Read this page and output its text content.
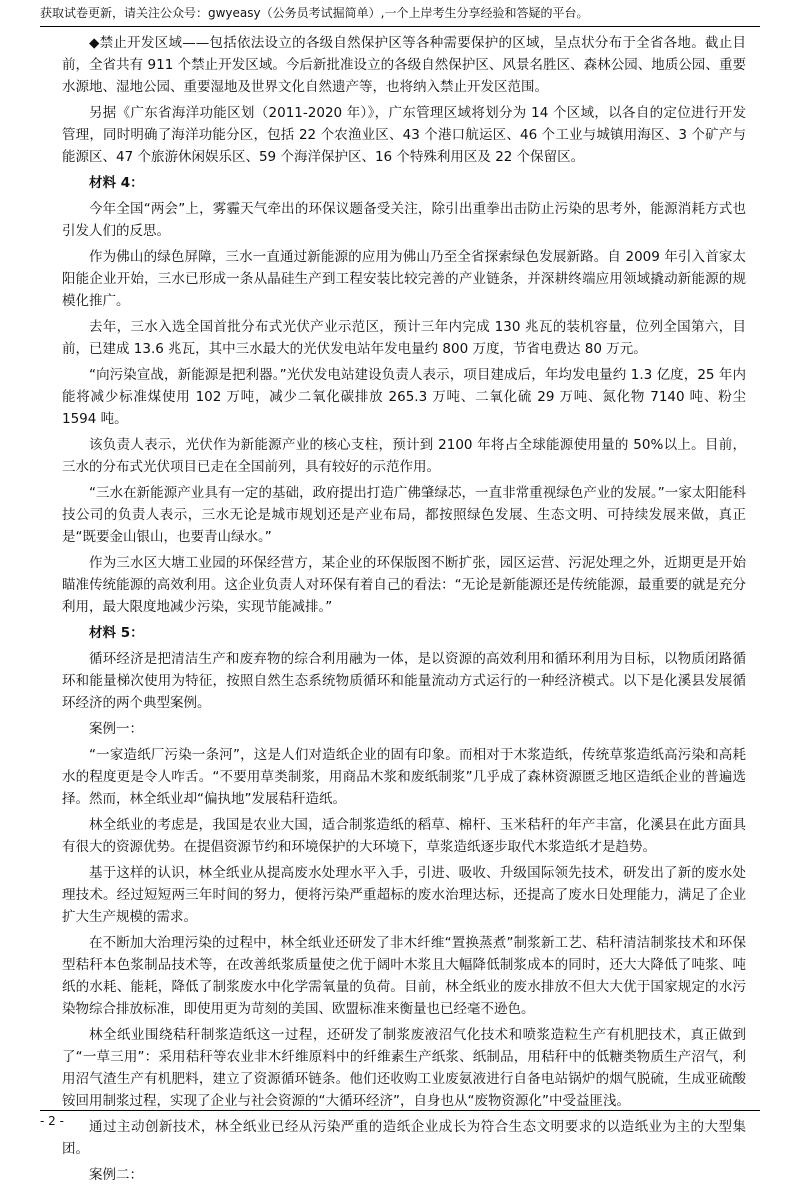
获取试卷更新，请关注公众号：gwyeasy（公务员考试掘简单）,一个上岸考生分享经验和答疑的平台。

◆禁止开发区域——包括依法设立的各级自然保护区等各种需要保护的区域，呈点状分布于全省各地。截止目前，全省共有 911 个禁止开发区域。今后新批准设立的各级自然保护区、风景名胜区、森林公园、地质公园、重要水源地、湿地公园、重要湿地及世界文化自然遗产等，也将纳入禁止开发区范围。

另据《广东省海洋功能区划（2011-2020 年）》，广东管理区域将划分为 14 个区域，以各自的定位进行开发管理，同时明确了海洋功能分区，包括 22 个农渔业区、43 个港口航运区、46 个工业与城镇用海区、3 个矿产与能源区、47 个旅游休闲娱乐区、59 个海洋保护区、16 个特殊利用区及 22 个保留区。

材料 4：

今年全国“两会”上，雾霾天气牵出的环保议题备受关注，除引出重拳出击防止污染的思考外，能源消耗方式也引发人们的反思。

作为佛山的绿色屏障，三水一直通过新能源的应用为佛山乃至全省探索绿色发展新路。自 2009 年引入首家太阳能企业开始，三水已形成一条从晶硅生产到工程安装比较完善的产业链条，并深耕终端应用领域撬动新能源的规模化推广。

去年，三水入选全国首批分布式光伏产业示范区，预计三年内完成 130 兆瓦的装机容量，位列全国第六，目前，已建成 13.6 兆瓦，其中三水最大的光伏发电站年发电量约 800 万度，节省电费达 80 万元。

“向污染宣战，新能源是把利器。”光伏发电站建设负责人表示，项目建成后，年均发电量约 1.3 亿度，25 年内能将减少标准煤使用 102 万吨，减少二氧化碳排放 265.3 万吨、二氧化硫 29 万吨、氮化物 7140 吨、粉尘 1594 吨。

该负责人表示，光伏作为新能源产业的核心支柱，预计到 2100 年将占全球能源使用量的 50%以上。目前，三水的分布式光伏项目已走在全国前列，具有较好的示范作用。

“三水在新能源产业具有一定的基础，政府提出打造广佛肇绿芯，一直非常重视绿色产业的发展。”一家太阳能科技公司的负责人表示，三水无论是城市规划还是产业布局，都按照绿色发展、生态文明、可持续发展来做，真正是“既要金山银山，也要青山绿水。”

作为三水区大塘工业园的环保经营方，某企业的环保版图不断扩张，园区运营、污泥处理之外，近期更是开始瞄准传统能源的高效利用。这企业负责人对环保有着自己的看法：“无论是新能源还是传统能源，最重要的就是充分利用，最大限度地减少污染，实现节能减排。”

材料 5：

循环经济是把清洁生产和废弃物的综合利用融为一体，是以资源的高效利用和循环利用为目标，以物质闭路循环和能量梯次使用为特征，按照自然生态系统物质循环和能量流动方式运行的一种经济模式。以下是化溪县发展循环经济的两个典型案例。

案例一：

“一家造纸厂污染一条河”，这是人们对造纸企业的固有印象。而相对于木浆造纸，传统草浆造纸高污染和高耗水的程度更是令人咋舌。“不要用草类制浆，用商品木浆和废纸制浆”几乎成了森林资源匮乏地区造纸企业的普遍选择。然而，林全纸业却“偏执地”发展秸秆造纸。

林全纸业的考虑是，我国是农业大国，适合制浆造纸的稻草、棉杆、玉米秸秆的年产丰富，化溪县在此方面具有很大的资源优势。在提倡资源节约和环境保护的大环境下，草浆造纸逐步取代木浆造纸才是趋势。

基于这样的认识，林全纸业从提高废水处理水平入手，引进、吸收、升级国际领先技术，研发出了新的废水处理技术。经过短短两三年时间的努力，便将污染严重超标的废水治理达标，还提高了废水日处理能力，满足了企业扩大生产规模的需求。

在不断加大治理污染的过程中，林全纸业还研发了非木纤维“置换蒸煮”制浆新工艺、秸秆清洁制浆技术和环保型秸秆本色浆制品技术等，在改善纸浆质量使之优于阔叶木浆且大幅降低制浆成本的同时，还大大降低了吨浆、吨纸的水耗、能耗，降低了制浆废水中化学需氧量的负荷。目前，林全纸业的废水排放不但大大优于国家规定的水污染物综合排放标准，即使用更为苛刻的美国、欧盟标准来衡量也已经毫不逊色。

林全纸业围绕秸秆制浆造纸这一过程，还研发了制浆废液沼气化技术和喷浆造粒生产有机肥技术，真正做到了“一草三用”：采用秸秆等农业非木纤维原料中的纤维素生产纸浆、纸制品，用秸秆中的低糖类物质生产沼气，利用沼气渣生产有机肥料，建立了资源循环链条。他们还收购工业废氨液进行自备电站锅炉的烟气脱硫，生成亚硫酸铵回用制浆过程，实现了企业与社会资源的“大循环经济”，自身也从“废物资源化”中受益匪浅。

通过主动创新技术，林全纸业已经从污染严重的造纸企业成长为符合生态文明要求的以造纸业为主的大型集团。

案例二：

- 2 -
